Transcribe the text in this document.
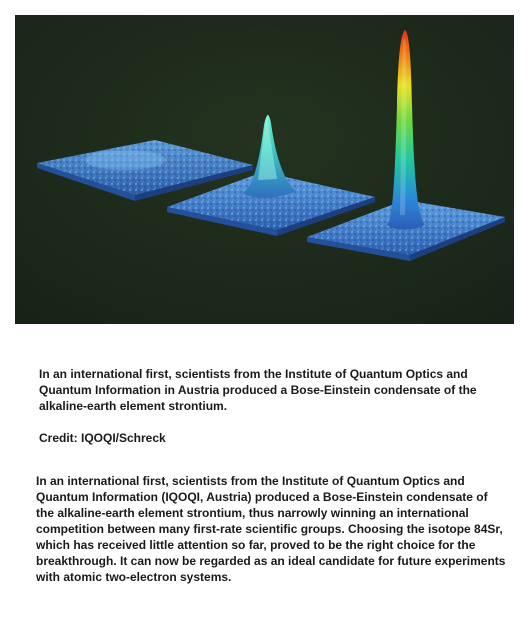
In an international first, scientists from the Institute of Quantum Optics and Quantum Information in Austria produced a Bose-Einstein condensate of the alkaline-earth element strontium.

Credit: IQOQI/Schreck

In an international first, scientists from the Institute of Quantum Optics and Quantum Information (IQOQI, Austria) produced a Bose-Einstein condensate of the alkaline-earth element strontium, thus narrowly winning an international competition between many first-rate scientific groups. Choosing the isotope 84Sr, which has received little attention so far, proved to be the right choice for the breakthrough. It can now be regarded as an ideal candidate for future experiments with atomic two-electron systems.
